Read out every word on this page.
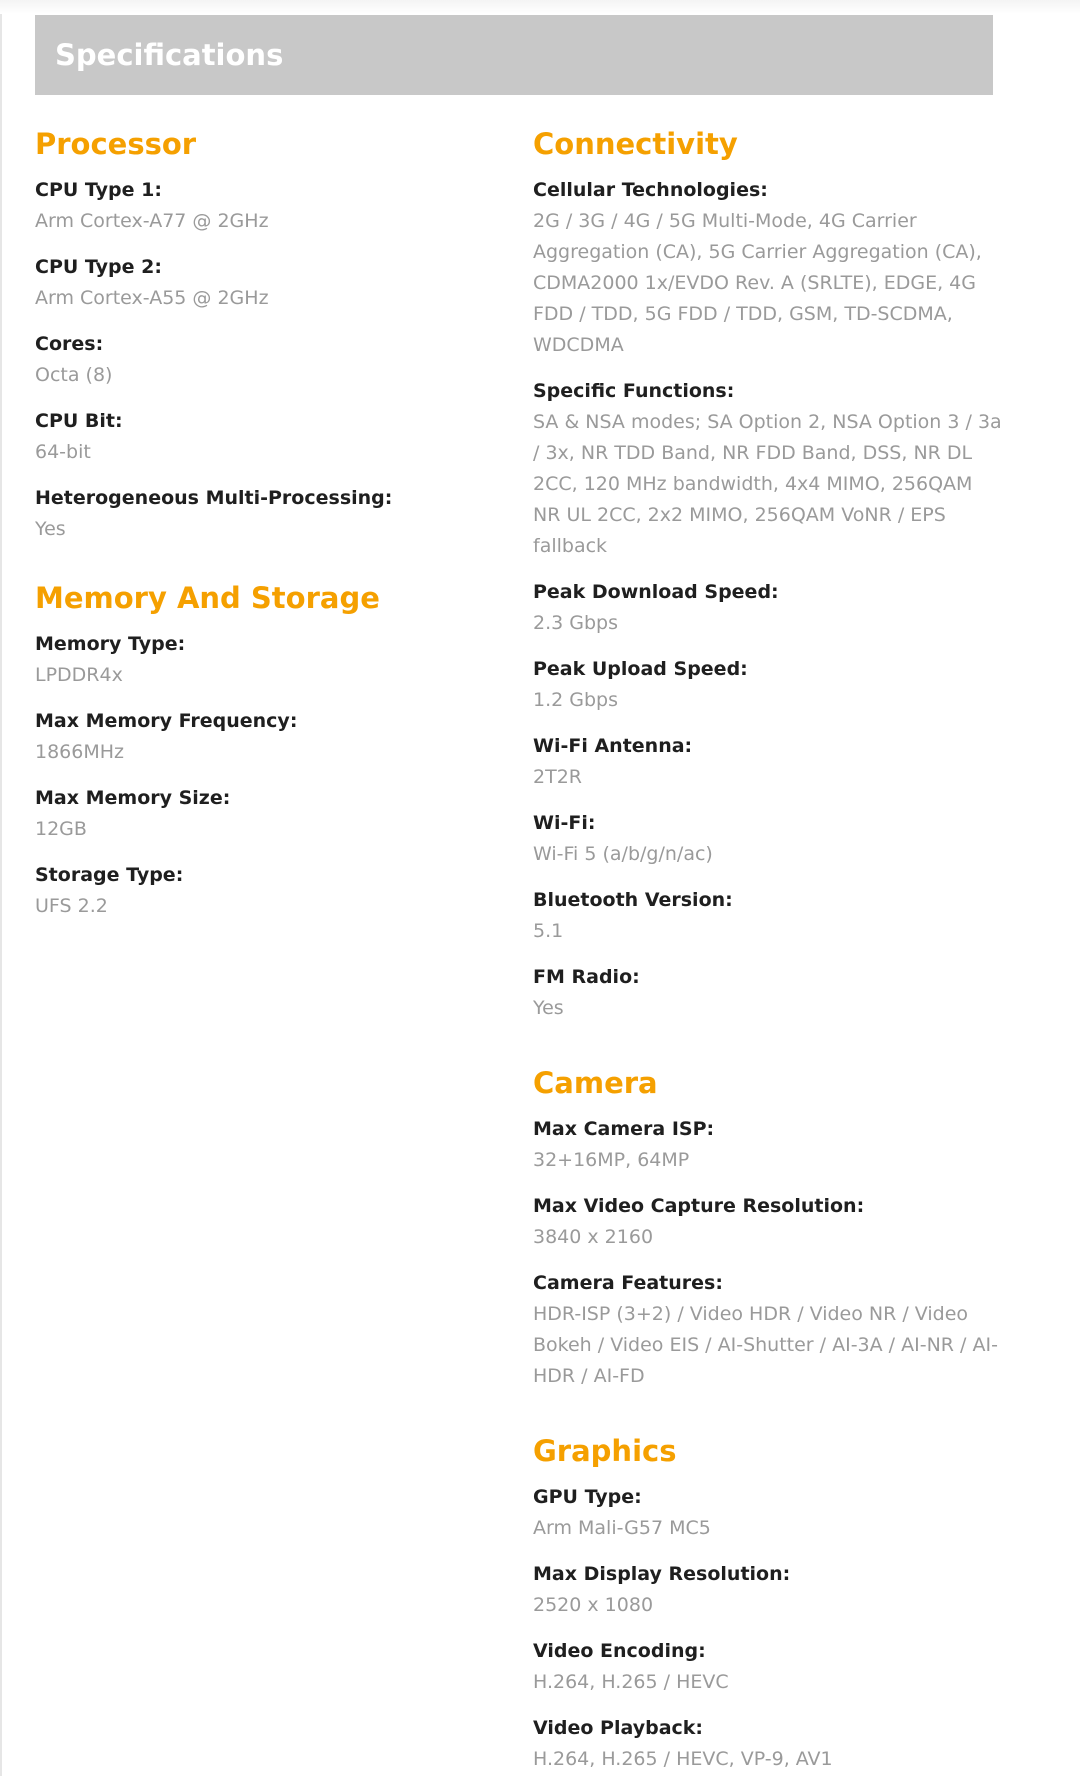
Specifications
Processor
CPU Type 1:
Arm Cortex-A77 @ 2GHz
CPU Type 2:
Arm Cortex-A55 @ 2GHz
Cores:
Octa (8)
CPU Bit:
64-bit
Heterogeneous Multi-Processing:
Yes
Memory And Storage
Memory Type:
LPDDR4x
Max Memory Frequency:
1866MHz
Max Memory Size:
12GB
Storage Type:
UFS 2.2
Connectivity
Cellular Technologies:
2G / 3G / 4G / 5G Multi-Mode, 4G Carrier Aggregation (CA), 5G Carrier Aggregation (CA), CDMA2000 1x/EVDO Rev. A (SRLTE), EDGE, 4G FDD / TDD, 5G FDD / TDD, GSM, TD-SCDMA, WDCDMA
Specific Functions:
SA & NSA modes; SA Option 2, NSA Option 3 / 3a / 3x, NR TDD Band, NR FDD Band, DSS, NR DL 2CC, 120 MHz bandwidth, 4x4 MIMO, 256QAM NR UL 2CC, 2x2 MIMO, 256QAM VoNR / EPS fallback
Peak Download Speed:
2.3 Gbps
Peak Upload Speed:
1.2 Gbps
Wi-Fi Antenna:
2T2R
Wi-Fi:
Wi-Fi 5 (a/b/g/n/ac)
Bluetooth Version:
5.1
FM Radio:
Yes
Camera
Max Camera ISP:
32+16MP, 64MP
Max Video Capture Resolution:
3840 x 2160
Camera Features:
HDR-ISP (3+2) / Video HDR / Video NR / Video Bokeh / Video EIS / AI-Shutter / AI-3A / AI-NR / AI-HDR / AI-FD
Graphics
GPU Type:
Arm Mali-G57 MC5
Max Display Resolution:
2520 x 1080
Video Encoding:
H.264, H.265 / HEVC
Video Playback:
H.264, H.265 / HEVC, VP-9, AV1
